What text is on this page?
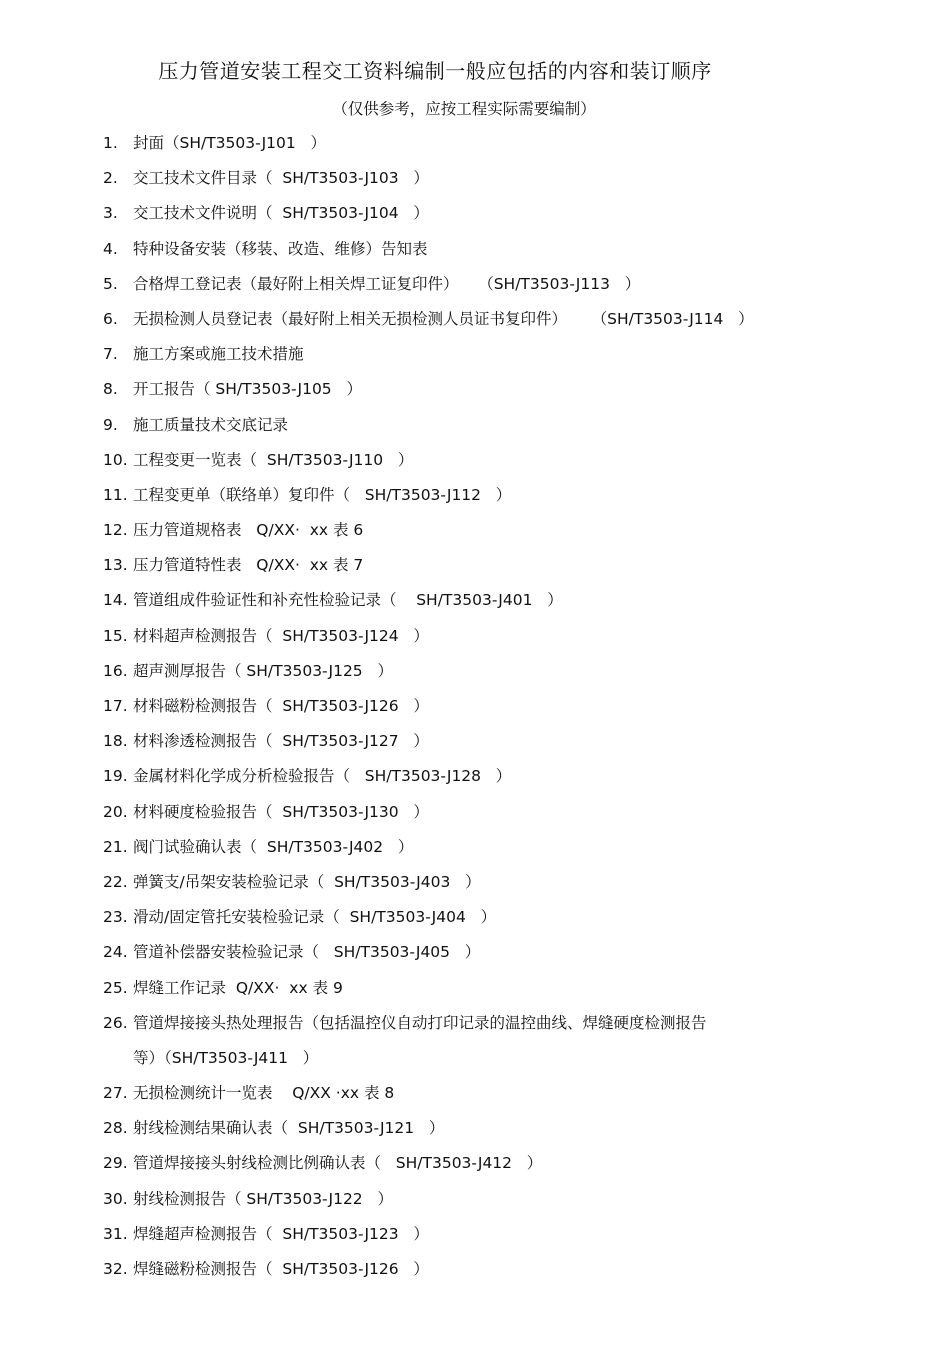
压力管道安装工程交工资料编制一般应包括的内容和装订顺序
（仅供参考，应按工程实际需要编制）
1. 封面（SH/T3503-J101   ）
2. 交工技术文件目录（  SH/T3503-J103   ）
3. 交工技术文件说明（  SH/T3503-J104   ）
4. 特种设备安装（移装、改造、维修）告知表
5. 合格焊工登记表（最好附上相关焊工证复印件）    （SH/T3503-J113   ）
6. 无损检测人员登记表（最好附上相关无损检测人员证书复印件）     （SH/T3503-J114   ）
7. 施工方案或施工技术措施
8. 开工报告（ SH/T3503-J105   ）
9. 施工质量技术交底记录
10. 工程变更一览表（  SH/T3503-J110   ）
11. 工程变更单（联络单）复印件（   SH/T3503-J112   ）
12. 压力管道规格表   Q/XX·  xx 表 6
13. 压力管道特性表   Q/XX·  xx 表 7
14. 管道组成件验证性和补充性检验记录（    SH/T3503-J401   ）
15. 材料超声检测报告（  SH/T3503-J124   ）
16. 超声测厚报告（ SH/T3503-J125   ）
17. 材料磁粉检测报告（  SH/T3503-J126   ）
18. 材料渗透检测报告（  SH/T3503-J127   ）
19. 金属材料化学成分析检验报告（   SH/T3503-J128   ）
20. 材料硬度检验报告（  SH/T3503-J130   ）
21. 阀门试验确认表（  SH/T3503-J402   ）
22. 弹簧支/吊架安装检验记录（  SH/T3503-J403   ）
23. 滑动/固定管托安装检验记录（  SH/T3503-J404   ）
24. 管道补偿器安装检验记录（   SH/T3503-J405   ）
25. 焊缝工作记录  Q/XX·  xx 表 9
26. 管道焊接接头热处理报告（包括温控仪自动打印记录的温控曲线、焊缝硬度检测报告
等）（SH/T3503-J411   ）
27. 无损检测统计一览表    Q/XX ·xx 表 8
28. 射线检测结果确认表（  SH/T3503-J121   ）
29. 管道焊接接头射线检测比例确认表（   SH/T3503-J412   ）
30. 射线检测报告（ SH/T3503-J122   ）
31. 焊缝超声检测报告（  SH/T3503-J123   ）
32. 焊缝磁粉检测报告（  SH/T3503-J126   ）
